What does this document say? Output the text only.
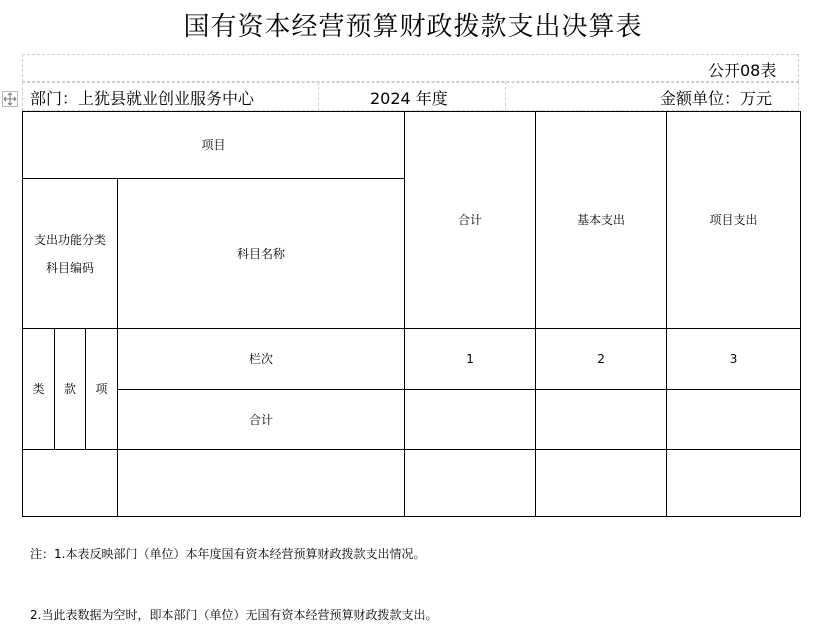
国有资本经营预算财政拨款支出决算表
公开08表
部门：上犹县就业创业服务中心	2024 年度	金额单位：万元
项目				合计	基本支出	项目支出

支出功能分类
科目编码			科目名称			
类	款	项	栏次	1	2	3
			合计			

注：1.本表反映部门（单位）本年度国有资本经营预算财政拨款支出情况。
2.当此表数据为空时，即本部门（单位）无国有资本经营预算财政拨款支出。
